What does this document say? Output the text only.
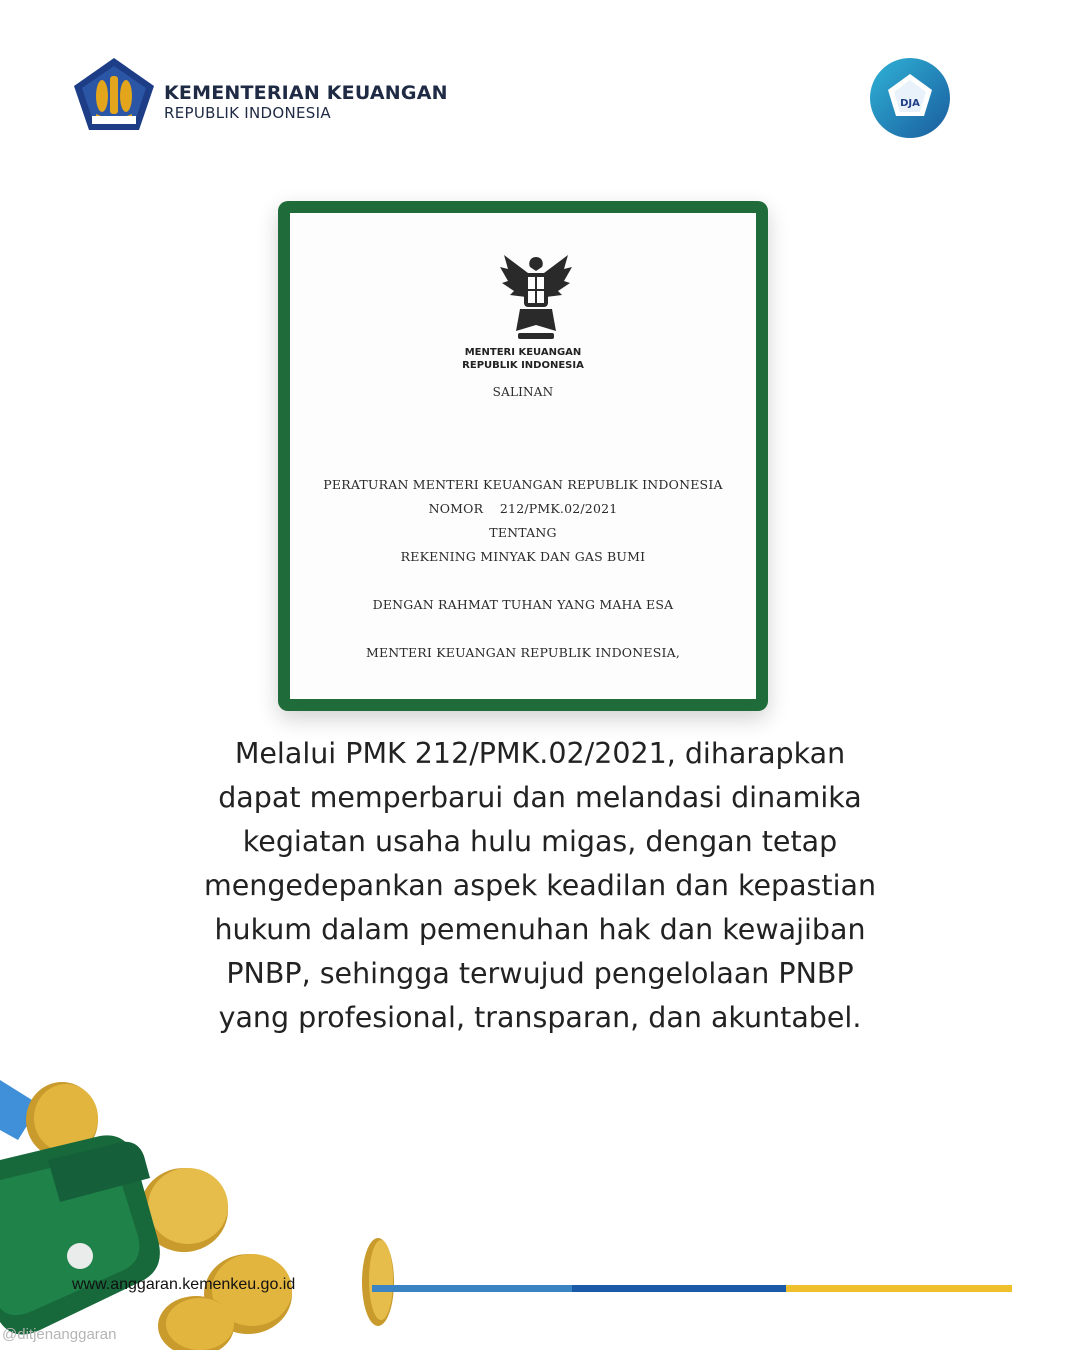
KEMENTERIAN KEUANGAN
REPUBLIK INDONESIA
DJA
MENTERI KEUANGAN
REPUBLIK INDONESIA
SALINAN
PERATURAN MENTERI KEUANGAN REPUBLIK INDONESIA
NOMOR    212/PMK.02/2021
TENTANG
REKENING MINYAK DAN GAS BUMI
DENGAN RAHMAT TUHAN YANG MAHA ESA
MENTERI KEUANGAN REPUBLIK INDONESIA,
Melalui PMK 212/PMK.02/2021, diharapkan
dapat memperbarui dan melandasi dinamika
kegiatan usaha hulu migas, dengan tetap
mengedepankan aspek keadilan dan kepastian
hukum dalam pemenuhan hak dan kewajiban
PNBP, sehingga terwujud pengelolaan PNBP
yang profesional, transparan, dan akuntabel.
www.anggaran.kemenkeu.go.id
@ditjenanggaran
